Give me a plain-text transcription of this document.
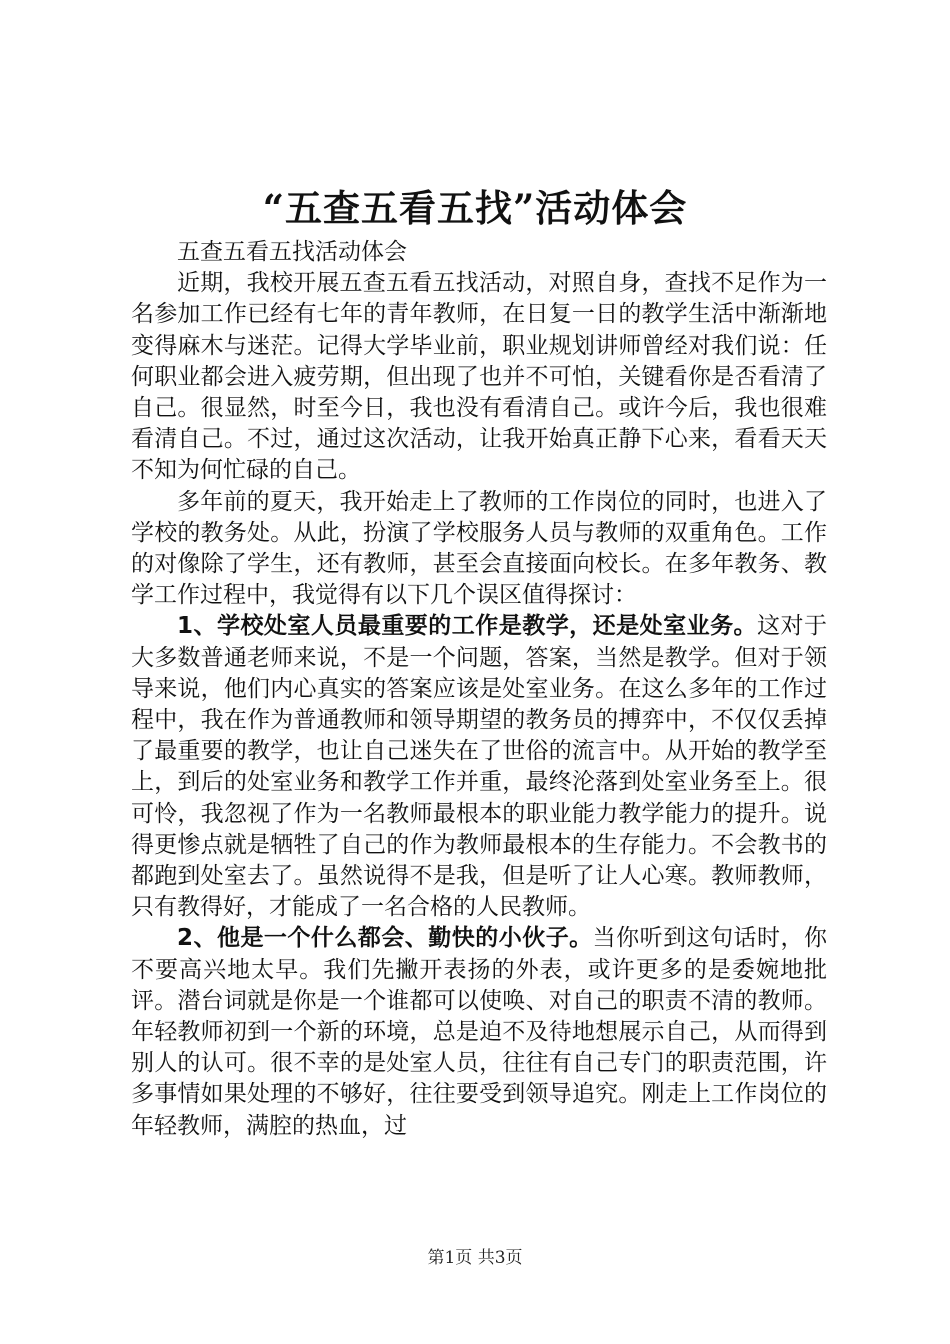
“五查五看五找”活动体会

五查五看五找活动体会

近期，我校开展五查五看五找活动，对照自身，查找不足作为一名参加工作已经有七年的青年教师，在日复一日的教学生活中渐渐地变得麻木与迷茫。记得大学毕业前，职业规划讲师曾经对我们说：任何职业都会进入疲劳期，但出现了也并不可怕，关键看你是否看清了自己。很显然，时至今日，我也没有看清自己。或许今后，我也很难看清自己。不过，通过这次活动，让我开始真正静下心来，看看天天不知为何忙碌的自己。

多年前的夏天，我开始走上了教师的工作岗位的同时，也进入了学校的教务处。从此，扮演了学校服务人员与教师的双重角色。工作的对像除了学生，还有教师，甚至会直接面向校长。在多年教务、教学工作过程中，我觉得有以下几个误区值得探讨：

1、学校处室人员最重要的工作是教学，还是处室业务。这对于大多数普通老师来说，不是一个问题，答案，当然是教学。但对于领导来说，他们内心真实的答案应该是处室业务。在这么多年的工作过程中，我在作为普通教师和领导期望的教务员的搏弈中，不仅仅丢掉了最重要的教学，也让自己迷失在了世俗的流言中。从开始的教学至上，到后的处室业务和教学工作并重，最终沦落到处室业务至上。很可怜，我忽视了作为一名教师最根本的职业能力教学能力的提升。说得更惨点就是牺牲了自己的作为教师最根本的生存能力。不会教书的都跑到处室去了。虽然说得不是我，但是听了让人心寒。教师教师，只有教得好，才能成了一名合格的人民教师。

2、他是一个什么都会、勤快的小伙子。当你听到这句话时，你不要高兴地太早。我们先撇开表扬的外表，或许更多的是委婉地批评。潜台词就是你是一个谁都可以使唤、对自己的职责不清的教师。年轻教师初到一个新的环境，总是迫不及待地想展示自己，从而得到别人的认可。很不幸的是处室人员，往往有自己专门的职责范围，许多事情如果处理的不够好，往往要受到领导追究。刚走上工作岗位的年轻教师，满腔的热血，过

第1页 共3页
